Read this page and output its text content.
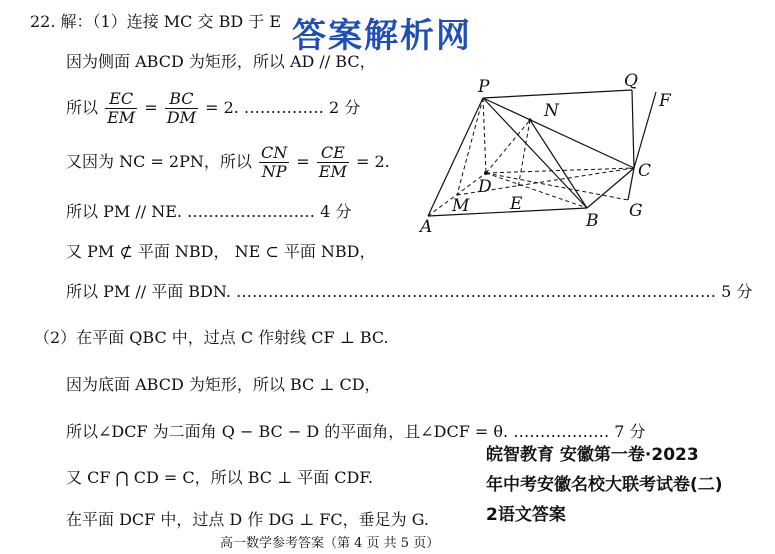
22. 解：（1）连接 MC 交 BD 于 E 答案解析网
因为侧面 ABCD 为矩形，所以 AD // BC，
所以 $\frac{EC}{EM} = \frac{BC}{DM} = 2$. …………… 2 分
又因为 NC = 2PN，所以 $\frac{CN}{NP} = \frac{CE}{EM} = 2$.
所以 PM // NE. …………………… 4 分
又 PM ⊄ 平面 NBD， NE ⊂ 平面 NBD，
所以 PM // 平面 BDN. ……………………………………………………………………………… 5 分
（2）在平面 QBC 中，过点 C 作射线 CF ⊥ BC.
因为底面 ABCD 为矩形，所以 BC ⊥ CD，
所以∠DCF 为二面角 Q − BC − D 的平面角，且∠DCF = θ. ……………… 7 分
又 CF ⋂ CD = C，所以 BC ⊥ 平面 CDF.
在平面 DCF 中，过点 D 作 DG ⊥ FC，垂足为 G.
高一数学参考答案（第 4 页 共 5 页）
P	Q
F
N
C
D
M E
A	B G
皖智教育 安徽第一卷·2023
年中考安徽名校大联考试卷(二)
2语文答案
